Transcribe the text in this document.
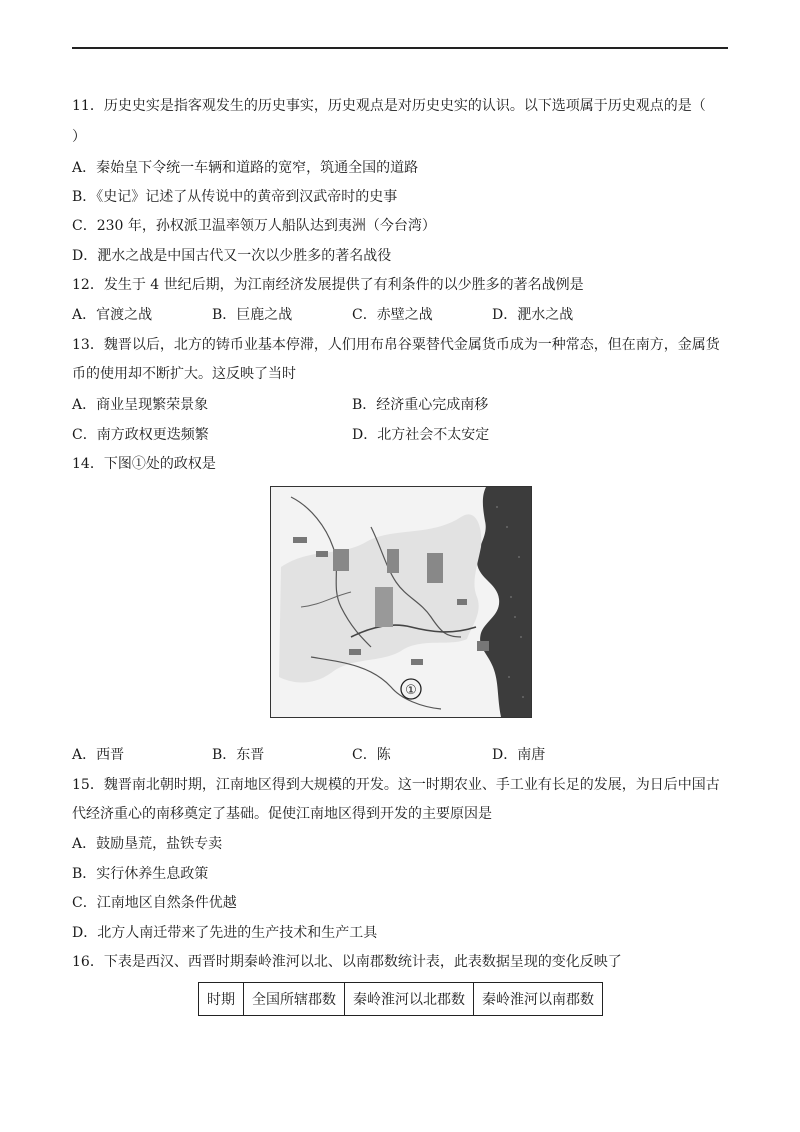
11．历史史实是指客观发生的历史事实，历史观点是对历史史实的认识。以下选项属于历史观点的是（
）
A．秦始皇下令统一车辆和道路的宽窄，筑通全国的道路
B．《史记》记述了从传说中的黄帝到汉武帝时的史事
C．230 年，孙权派卫温率领万人船队达到夷洲（今台湾）
D．淝水之战是中国古代又一次以少胜多的著名战役
12．发生于 4 世纪后期，为江南经济发展提供了有利条件的以少胜多的著名战例是
A．官渡之战	B．巨鹿之战	C．赤壁之战	D．淝水之战
13．魏晋以后，北方的铸币业基本停滞，人们用布帛谷粟替代金属货币成为一种常态，但在南方，金属货
币的使用却不断扩大。这反映了当时
A．商业呈现繁荣景象	B．经济重心完成南移
C．南方政权更迭频繁	D．北方社会不太安定
14．下图①处的政权是
①
A．西晋	B．东晋	C．陈	D．南唐
15．魏晋南北朝时期，江南地区得到大规模的开发。这一时期农业、手工业有长足的发展，为日后中国古
代经济重心的南移奠定了基础。促使江南地区得到开发的主要原因是
A．鼓励垦荒，盐铁专卖
B．实行休养生息政策
C．江南地区自然条件优越
D．北方人南迁带来了先进的生产技术和生产工具
16．下表是西汉、西晋时期秦岭淮河以北、以南郡数统计表，此表数据呈现的变化反映了
时期	全国所辖郡数	秦岭淮河以北郡数	秦岭淮河以南郡数
